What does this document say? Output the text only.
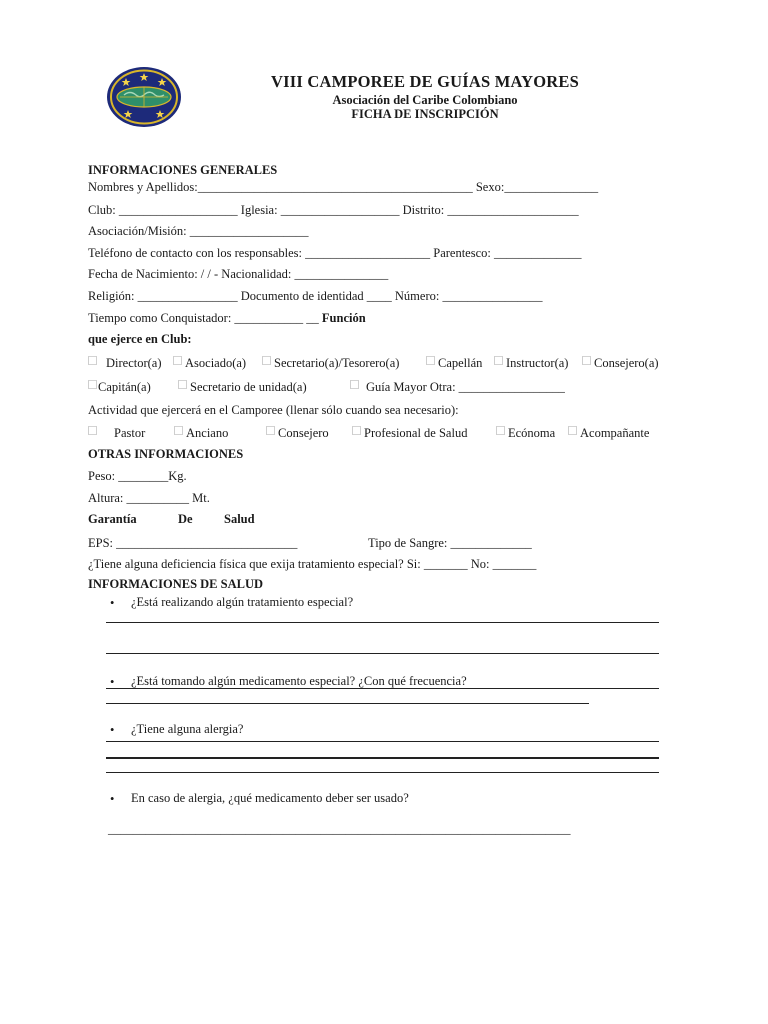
VIII CAMPOREE DE GUÍAS MAYORES
Asociación del Caribe Colombiano
FICHA DE INSCRIPCIÓN
INFORMACIONES GENERALES
Nombres y Apellidos:____________________________________________ Sexo:_______________
Club: ___________________ Iglesia: ___________________ Distrito: _____________________
Asociación/Misión: ___________________
Teléfono de contacto con los responsables: ____________________ Parentesco: ______________
Fecha de Nacimiento: / / - Nacionalidad: _______________
Religión: ________________ Documento de identidad ____ Número: ________________
Tiempo como Conquistador: ___________ __ Función
que ejerce en Club:
⃞ Director(a) ⃞ Asociado(a) ⃞ Secretario(a)/Tesorero(a)	⃞ Capellán ⃞ Instructor(a) ⃞ Consejero(a)
⃞ Capitán(a)	⃞ Secretario de unidad(a)	⃞ Guía Mayor Otra: _________________
Actividad que ejercerá en el Camporee (llenar sólo cuando sea necesario):
⃞ Pastor	⃞ Anciano	⃞ Consejero	⃞ Profesional de Salud	⃞ Ecónoma ⃞ Acompañante
OTRAS INFORMACIONES
Peso: ________Kg.
Altura: __________ Mt.
Garantía	De	Salud
EPS: _____________________________	Tipo de Sangre: _____________
¿Tiene alguna deficiencia física que exija tratamiento especial? Si: _______ No: _______
INFORMACIONES DE SALUD
• ¿Está realizando algún tratamiento especial?
• ¿Está tomando algún medicamento especial? ¿Con qué frecuencia?
• ¿Tiene alguna alergia?
• En caso de alergia, ¿qué medicamento deber ser usado?
__________________________________________________________________________
